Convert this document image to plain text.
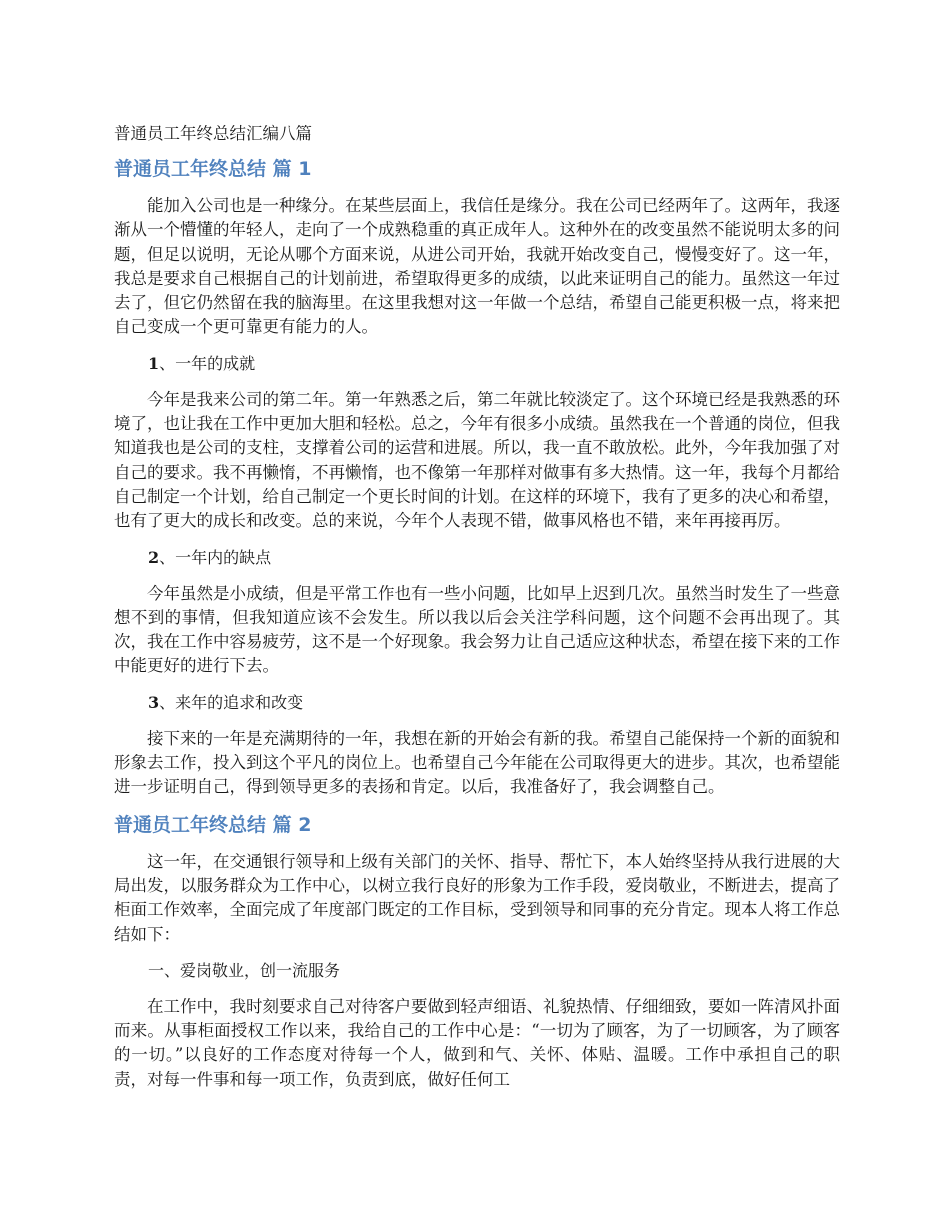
普通员工年终总结汇编八篇
普通员工年终总结 篇 1

能加入公司也是一种缘分。在某些层面上，我信任是缘分。我在公司已经两年了。这两年，我逐渐从一个懵懂的年轻人，走向了一个成熟稳重的真正成年人。这种外在的改变虽然不能说明太多的问题，但足以说明，无论从哪个方面来说，从进公司开始，我就开始改变自己，慢慢变好了。这一年，我总是要求自己根据自己的计划前进，希望取得更多的成绩，以此来证明自己的能力。虽然这一年过去了，但它仍然留在我的脑海里。在这里我想对这一年做一个总结，希望自己能更积极一点，将来把自己变成一个更可靠更有能力的人。

1、一年的成就

今年是我来公司的第二年。第一年熟悉之后，第二年就比较淡定了。这个环境已经是我熟悉的环境了，也让我在工作中更加大胆和轻松。总之，今年有很多小成绩。虽然我在一个普通的岗位，但我知道我也是公司的支柱，支撑着公司的运营和进展。所以，我一直不敢放松。此外，今年我加强了对自己的要求。我不再懒惰，不再懒惰，也不像第一年那样对做事有多大热情。这一年，我每个月都给自己制定一个计划，给自己制定一个更长时间的计划。在这样的环境下，我有了更多的决心和希望，也有了更大的成长和改变。总的来说，今年个人表现不错，做事风格也不错，来年再接再厉。

2、一年内的缺点

今年虽然是小成绩，但是平常工作也有一些小问题，比如早上迟到几次。虽然当时发生了一些意想不到的事情，但我知道应该不会发生。所以我以后会关注学科问题，这个问题不会再出现了。其次，我在工作中容易疲劳，这不是一个好现象。我会努力让自己适应这种状态，希望在接下来的工作中能更好的进行下去。

3、来年的追求和改变

接下来的一年是充满期待的一年，我想在新的开始会有新的我。希望自己能保持一个新的面貌和形象去工作，投入到这个平凡的岗位上。也希望自己今年能在公司取得更大的进步。其次，也希望能进一步证明自己，得到领导更多的表扬和肯定。以后，我准备好了，我会调整自己。

普通员工年终总结 篇 2

这一年，在交通银行领导和上级有关部门的关怀、指导、帮忙下，本人始终坚持从我行进展的大局出发，以服务群众为工作中心，以树立我行良好的形象为工作手段，爱岗敬业，不断进去，提高了柜面工作效率，全面完成了年度部门既定的工作目标，受到领导和同事的充分肯定。现本人将工作总结如下：

一、爱岗敬业，创一流服务

在工作中，我时刻要求自己对待客户要做到轻声细语、礼貌热情、仔细细致，要如一阵清风扑面而来。从事柜面授权工作以来，我给自己的工作中心是：“一切为了顾客，为了一切顾客，为了顾客的一切。”以良好的工作态度对待每一个人，做到和气、关怀、体贴、温暖。工作中承担自己的职责，对每一件事和每一项工作，负责到底，做好任何工
